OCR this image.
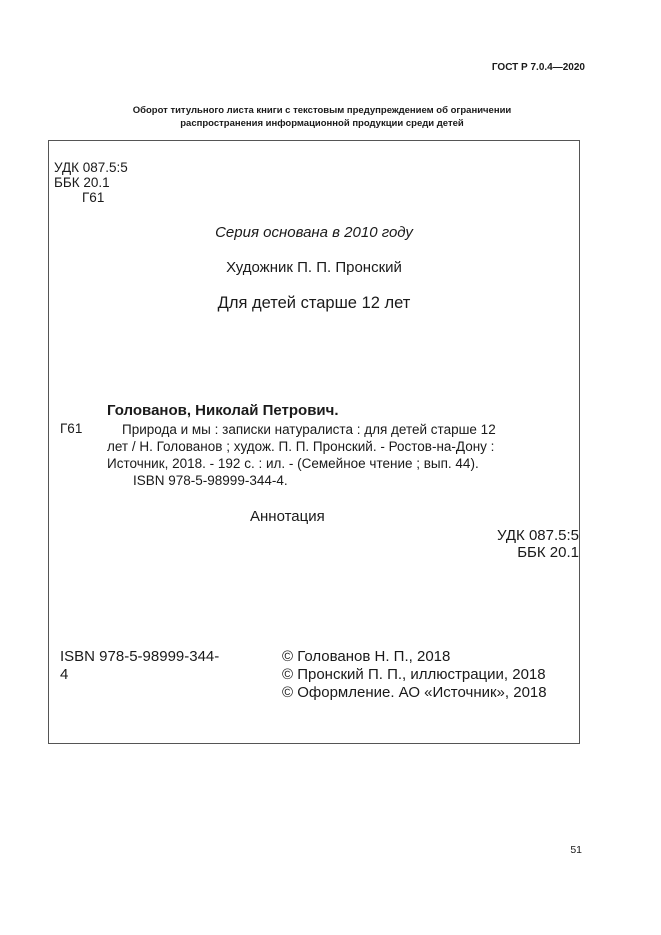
ГОСТ Р 7.0.4—2020
Оборот титульного листа книги с текстовым предупреждением об ограничении
распространения информационной продукции среди детей
УДК 087.5:5
ББК 20.1
Г61
Серия основана в 2010 году
Художник П. П. Пронский
Для детей старше 12 лет
Голованов, Николай Петрович.
Г61	Природа и мы : записки натуралиста : для детей старше 12
лет / Н. Голованов ; худож. П. П. Пронский. - Ростов-на-Дону :
Источник, 2018. - 192 с. : ил. - (Семейное чтение ; вып. 44).
ISBN 978-5-98999-344-4.
Аннотация
УДК 087.5:5
ББК 20.1
ISBN 978-5-98999-344-
4
© Голованов Н. П., 2018
© Пронский П. П., иллюстрации, 2018
© Оформление. АО «Источник», 2018
51
